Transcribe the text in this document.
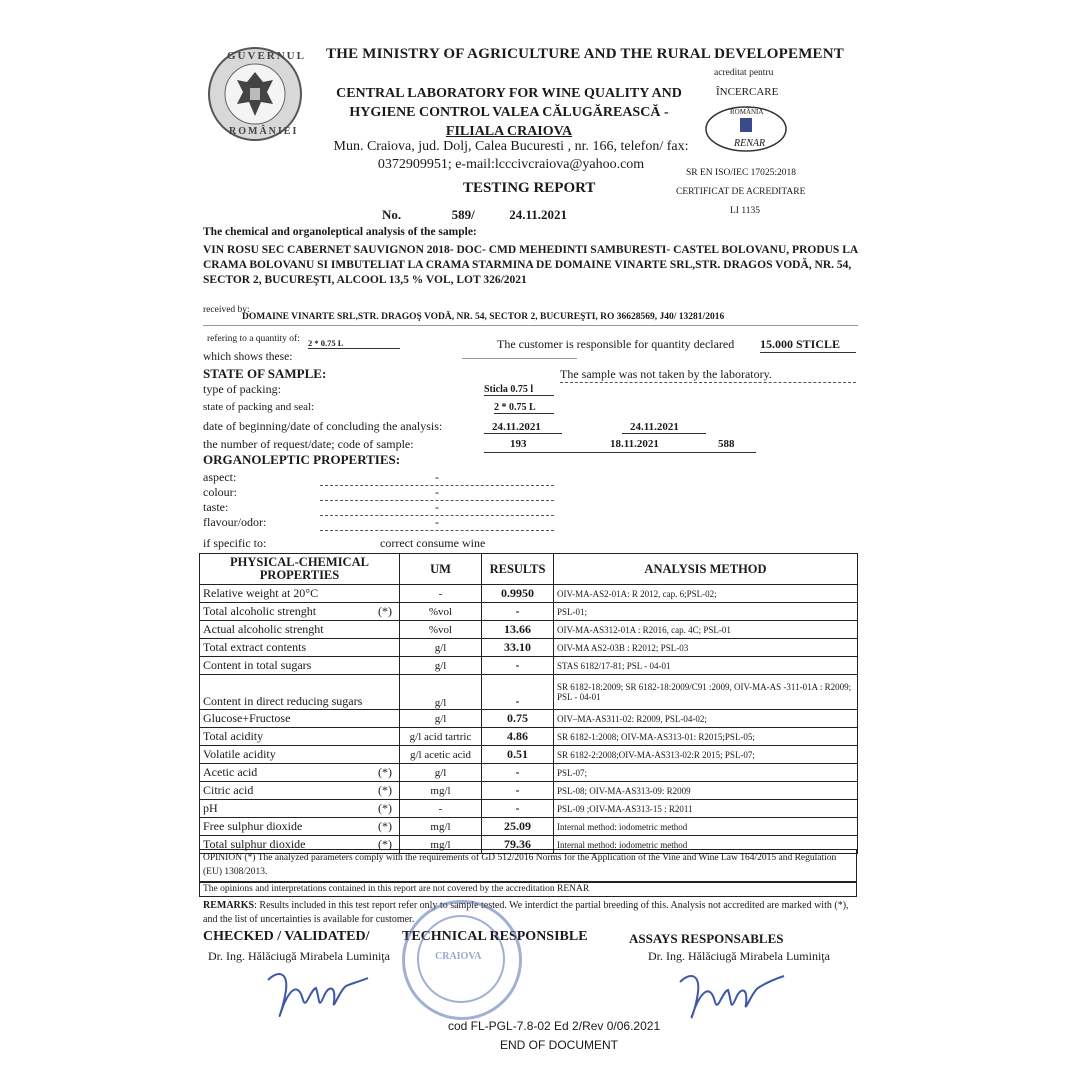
GUVERNUL
ROMÂNIEI
THE MINISTRY OF AGRICULTURE AND THE RURAL DEVELOPEMENT
CENTRAL LABORATORY FOR WINE QUALITY AND
HYGIENE CONTROL VALEA CĂLUGĂREASCĂ -
FILIALA CRAIOVA
Mun. Craiova, jud. Dolj, Calea Bucuresti , nr. 166, telefon/ fax: 0372909951; e-mail:lcccivcraiova@yahoo.com
TESTING REPORT
acreditat pentru
ÎNCERCARE
ROMÂNIA
RENAR
SR EN ISO/IEC 17025:2018
CERTIFICAT DE ACREDITARE
LI 1135
No.	589/	24.11.2021
The chemical and organoleptical analysis of the sample:
VIN ROSU SEC CABERNET SAUVIGNON 2018- DOC- CMD MEHEDINTI SAMBURESTI- CASTEL BOLOVANU, PRODUS LA CRAMA BOLOVANU SI IMBUTELIAT LA CRAMA STARMINA DE DOMAINE VINARTE SRL,STR. DRAGOS VODĂ, NR. 54, SECTOR 2, BUCUREŞTI, ALCOOL 13,5 % VOL, LOT 326/2021
received by:
DOMAINE VINARTE SRL,STR. DRAGOŞ VODĂ, NR. 54, SECTOR 2, BUCUREŞTI, RO 36628569, J40/ 13281/2016
refering to a quantity of: 2 * 0.75 L	The customer is responsible for quantity declared 15.000 STICLE
which shows these:
STATE OF SAMPLE:	The sample was not taken by the laboratory.
type of packing:	Sticla 0.75 l
state of packing and seal:	2 * 0.75 L
date of beginning/date of concluding the analysis:	24.11.2021	24.11.2021
the number of request/date; code of sample:	193	18.11.2021	588
ORGANOLEPTIC PROPERTIES:
aspect:	-
colour:	-
taste:	-
flavour/odor:	-
if specific to:	correct consume wine
PHYSICAL-CHEMICAL PROPERTIES	UM	RESULTS	ANALYSIS METHOD
Relative weight at 20°C	-	0.9950	OIV-MA-AS2-01A: R 2012, cap. 6;PSL-02;
Total alcoholic strenght (*)	%vol	-	PSL-01;
Actual alcoholic strenght	%vol	13.66	OIV-MA-AS312-01A : R2016, cap. 4C; PSL-01
Total extract contents	g/l	33.10	OIV-MA AS2-03B : R2012; PSL-03
Content in total sugars	g/l	-	STAS 6182/17-81; PSL - 04-01
Content in direct reducing sugars	g/l	-	SR 6182-18:2009; SR 6182-18:2009/C91 :2009, OIV-MA-AS -311-01A : R2009; PSL - 04-01
Glucose+Fructose	g/l	0.75	OIV–MA-AS311-02: R2009, PSL-04-02;
Total acidity	g/l acid tartric	4.86	SR 6182-1:2008; OIV-MA-AS313-01: R2015;PSL-05;
Volatile acidity	g/l acetic acid	0.51	SR 6182-2:2008;OIV-MA-AS313-02:R 2015; PSL-07;
Acetic acid (*)	g/l	-	PSL-07;
Citric acid (*)	mg/l	-	PSL-08; OIV-MA-AS313-09: R2009
pH (*)	-	-	PSL-09 ;OIV-MA-AS313-15 : R2011
Free sulphur dioxide (*)	mg/l	25.09	Internal method: iodometric method
Total sulphur dioxide (*)	mg/l	79.36	Internal method: iodometric method
OPINION (*) The analyzed parameters comply with the requirements of GD 512/2016 Norms for the Application of the Vine and Wine Law 164/2015 and Regulation (EU) 1308/2013.
The opinions and interpretations contained in this report are not covered by the accreditation RENAR
REMARKS: Results included in this test report refer only to sample tested. We interdict the partial breeding of this. Analysis not accredited are marked with (*), and the list of uncertainties is available for customer.
CHECKED / VALIDATED/ TECHNICAL RESPONSIBLE	ASSAYS RESPONSABLES
Dr. Ing. Hălăciugă Mirabela Luminiţa	Dr. Ing. Hălăciugă Mirabela Luminiţa
CRAIOVA
cod FL-PGL-7.8-02 Ed 2/Rev 0/06.2021
END OF DOCUMENT
